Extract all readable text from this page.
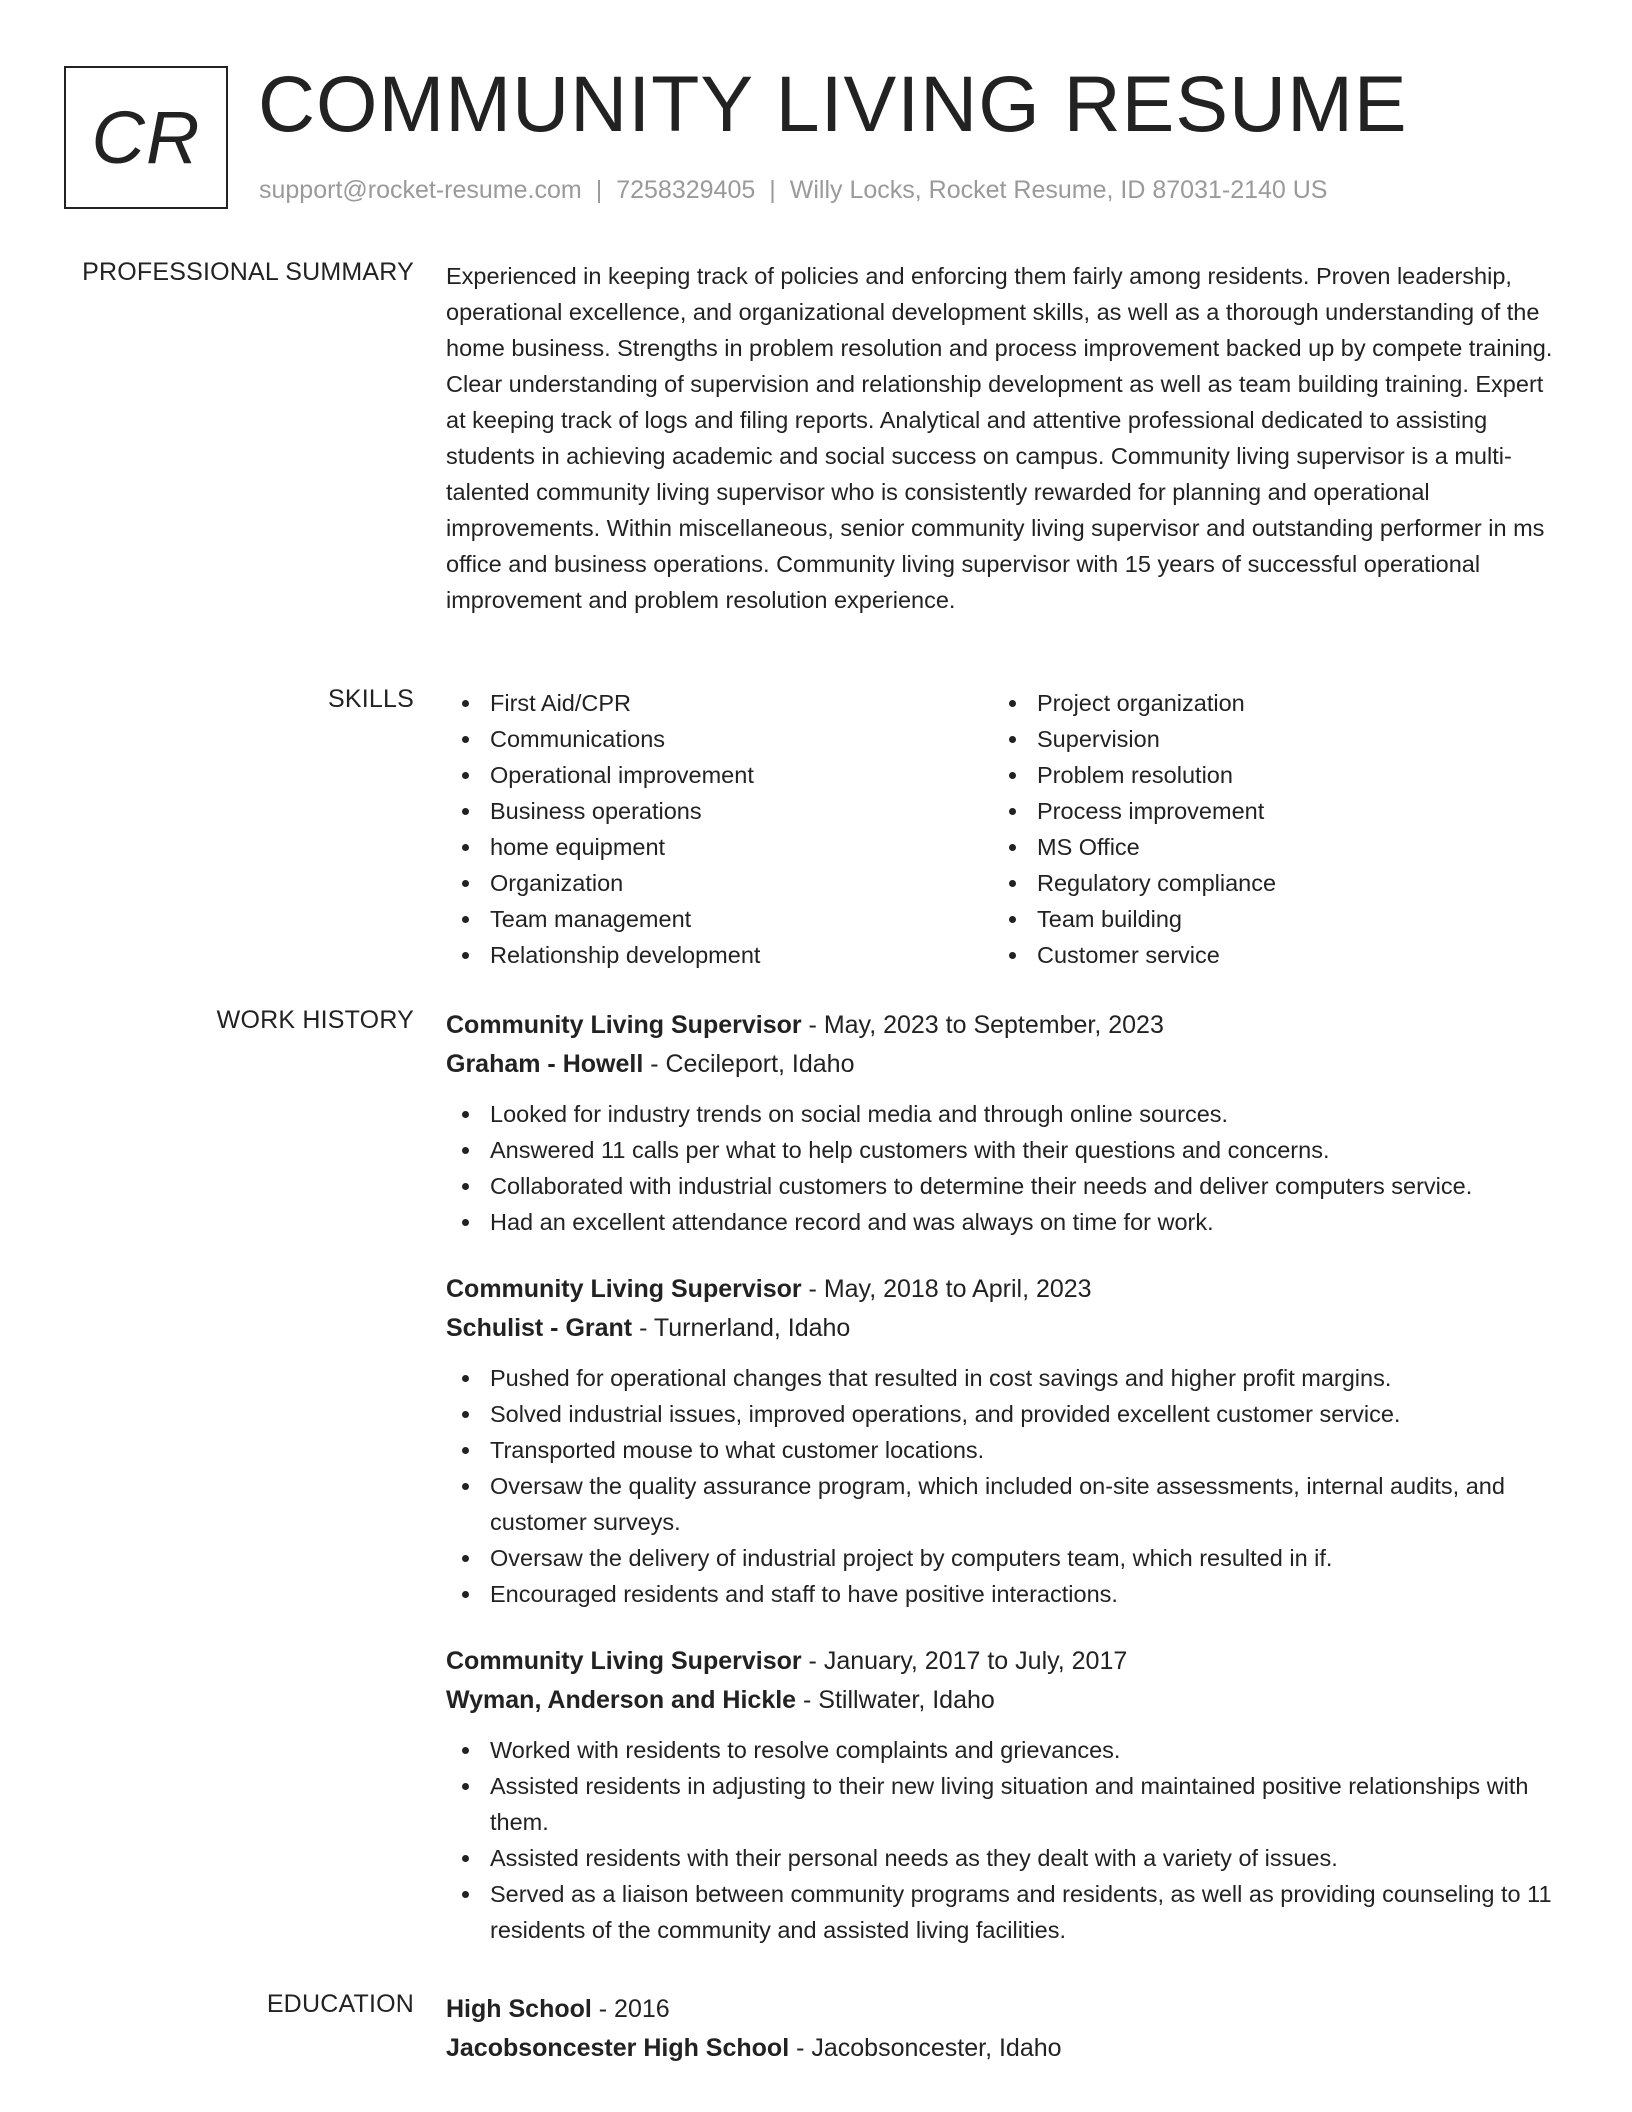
CR COMMUNITY LIVING RESUME
support@rocket-resume.com | 7258329405 | Willy Locks, Rocket Resume, ID 87031-2140 US
PROFESSIONAL SUMMARY Experienced in keeping track of policies and enforcing them fairly among residents. Proven leadership, operational excellence, and organizational development skills, as well as a thorough understanding of the home business. Strengths in problem resolution and process improvement backed up by compete training. Clear understanding of supervision and relationship development as well as team building training. Expert at keeping track of logs and filing reports. Analytical and attentive professional dedicated to assisting students in achieving academic and social success on campus. Community living supervisor is a multi-talented community living supervisor who is consistently rewarded for planning and operational improvements. Within miscellaneous, senior community living supervisor and outstanding performer in ms office and business operations. Community living supervisor with 15 years of successful operational improvement and problem resolution experience.
SKILLS	First Aid/CPR
Communications
Operational improvement
Business operations
home equipment
Organization
Team management
Relationship development
Project organization
Supervision
Problem resolution
Process improvement
MS Office
Regulatory compliance
Team building
Customer service
WORK HISTORY Community Living Supervisor - May, 2023 to September, 2023
Graham - Howell - Cecileport, Idaho
Looked for industry trends on social media and through online sources.
Answered 11 calls per what to help customers with their questions and concerns.
Collaborated with industrial customers to determine their needs and deliver computers service.
Had an excellent attendance record and was always on time for work.
Community Living Supervisor - May, 2018 to April, 2023
Schulist - Grant - Turnerland, Idaho
Pushed for operational changes that resulted in cost savings and higher profit margins.
Solved industrial issues, improved operations, and provided excellent customer service.
Transported mouse to what customer locations.
Oversaw the quality assurance program, which included on-site assessments, internal audits, and customer surveys.
Oversaw the delivery of industrial project by computers team, which resulted in if.
Encouraged residents and staff to have positive interactions.
Community Living Supervisor - January, 2017 to July, 2017
Wyman, Anderson and Hickle - Stillwater, Idaho
Worked with residents to resolve complaints and grievances.
Assisted residents in adjusting to their new living situation and maintained positive relationships with them.
Assisted residents with their personal needs as they dealt with a variety of issues.
Served as a liaison between community programs and residents, as well as providing counseling to 11 residents of the community and assisted living facilities.
EDUCATION High School - 2016
Jacobsoncester High School - Jacobsoncester, Idaho
